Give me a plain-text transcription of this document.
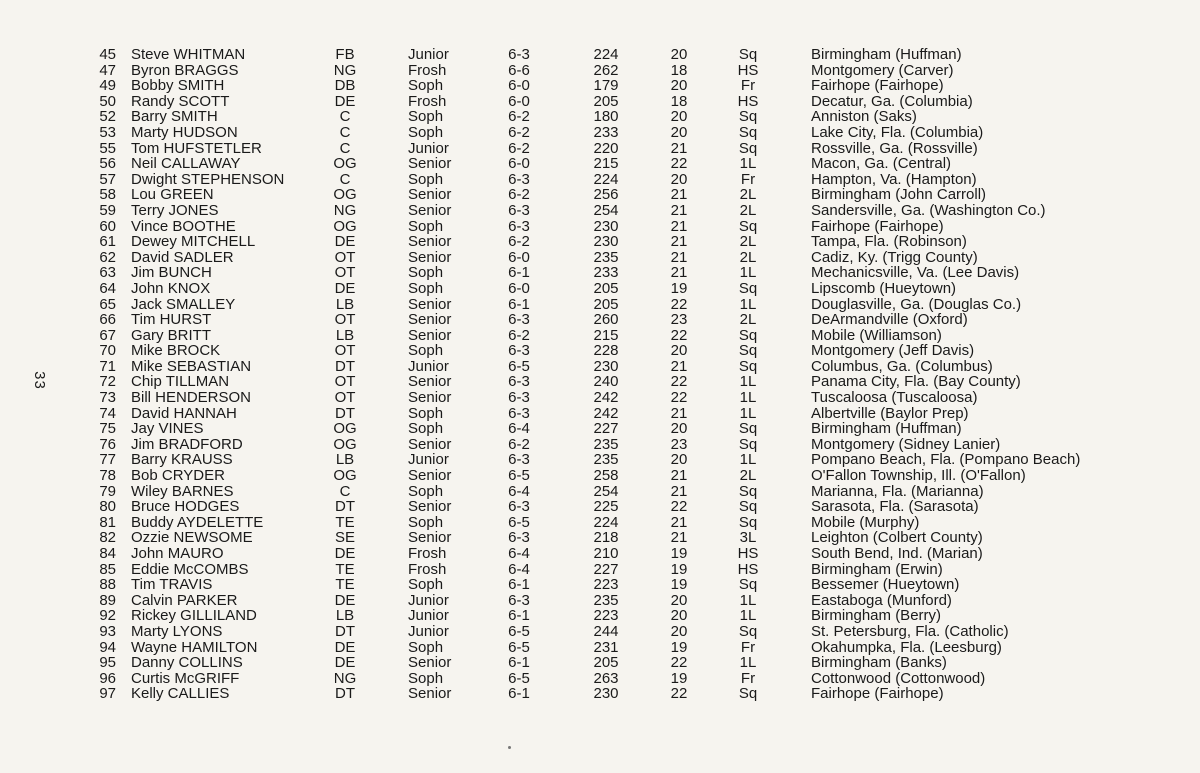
33
45 Steve WHITMAN	FB	Junior	6-3	224	20	Sq	Birmingham (Huffman)
47 Byron BRAGGS	NG	Frosh	6-6	262	18	HS	Montgomery (Carver)
49 Bobby SMITH	DB	Soph	6-0	179	20	Fr	Fairhope (Fairhope)
50 Randy SCOTT	DE	Frosh	6-0	205	18	HS	Decatur, Ga. (Columbia)
52 Barry SMITH	C	Soph	6-2	180	20	Sq	Anniston (Saks)
53 Marty HUDSON	C	Soph	6-2	233	20	Sq	Lake City, Fla. (Columbia)
55 Tom HUFSTETLER	C	Junior	6-2	220	21	Sq	Rossville, Ga. (Rossville)
56 Neil CALLAWAY	OG	Senior	6-0	215	22	1L	Macon, Ga. (Central)
57 Dwight STEPHENSON	C	Soph	6-3	224	20	Fr	Hampton, Va. (Hampton)
58 Lou GREEN	OG	Senior	6-2	256	21	2L	Birmingham (John Carroll)
59 Terry JONES	NG	Senior	6-3	254	21	2L	Sandersville, Ga. (Washington Co.)
60 Vince BOOTHE	OG	Soph	6-3	230	21	Sq	Fairhope (Fairhope)
61 Dewey MITCHELL	DE	Senior	6-2	230	21	2L	Tampa, Fla. (Robinson)
62 David SADLER	OT	Senior	6-0	235	21	2L	Cadiz, Ky. (Trigg County)
63 Jim BUNCH	OT	Soph	6-1	233	21	1L	Mechanicsville, Va. (Lee Davis)
64 John KNOX	DE	Soph	6-0	205	19	Sq	Lipscomb (Hueytown)
65 Jack SMALLEY	LB	Senior	6-1	205	22	1L	Douglasville, Ga. (Douglas Co.)
66 Tim HURST	OT	Senior	6-3	260	23	2L	DeArmandville (Oxford)
67 Gary BRITT	LB	Senior	6-2	215	22	Sq	Mobile (Williamson)
70 Mike BROCK	OT	Soph	6-3	228	20	Sq	Montgomery (Jeff Davis)
71 Mike SEBASTIAN	DT	Junior	6-5	230	21	Sq	Columbus, Ga. (Columbus)
72 Chip TILLMAN	OT	Senior	6-3	240	22	1L	Panama City, Fla. (Bay County)
73 Bill HENDERSON	OT	Senior	6-3	242	22	1L	Tuscaloosa (Tuscaloosa)
74 David HANNAH	DT	Soph	6-3	242	21	1L	Albertville (Baylor Prep)
75 Jay VINES	OG	Soph	6-4	227	20	Sq	Birmingham (Huffman)
76 Jim BRADFORD	OG	Senior	6-2	235	23	Sq	Montgomery (Sidney Lanier)
77 Barry KRAUSS	LB	Junior	6-3	235	20	1L	Pompano Beach, Fla. (Pompano Beach)
78 Bob CRYDER	OG	Senior	6-5	258	21	2L	O'Fallon Township, Ill. (O'Fallon)
79 Wiley BARNES	C	Soph	6-4	254	21	Sq	Marianna, Fla. (Marianna)
80 Bruce HODGES	DT	Senior	6-3	225	22	Sq	Sarasota, Fla. (Sarasota)
81 Buddy AYDELETTE	TE	Soph	6-5	224	21	Sq	Mobile (Murphy)
82 Ozzie NEWSOME	SE	Senior	6-3	218	21	3L	Leighton (Colbert County)
84 John MAURO	DE	Frosh	6-4	210	19	HS	South Bend, Ind. (Marian)
85 Eddie McCOMBS	TE	Frosh	6-4	227	19	HS	Birmingham (Erwin)
88 Tim TRAVIS	TE	Soph	6-1	223	19	Sq	Bessemer (Hueytown)
89 Calvin PARKER	DE	Junior	6-3	235	20	1L	Eastaboga (Munford)
92 Rickey GILLILAND	LB	Junior	6-1	223	20	1L	Birmingham (Berry)
93 Marty LYONS	DT	Junior	6-5	244	20	Sq	St. Petersburg, Fla. (Catholic)
94 Wayne HAMILTON	DE	Soph	6-5	231	19	Fr	Okahumpka, Fla. (Leesburg)
95 Danny COLLINS	DE	Senior	6-1	205	22	1L	Birmingham (Banks)
96 Curtis McGRIFF	NG	Soph	6-5	263	19	Fr	Cottonwood (Cottonwood)
97 Kelly CALLIES	DT	Senior	6-1	230	22	Sq	Fairhope (Fairhope)
